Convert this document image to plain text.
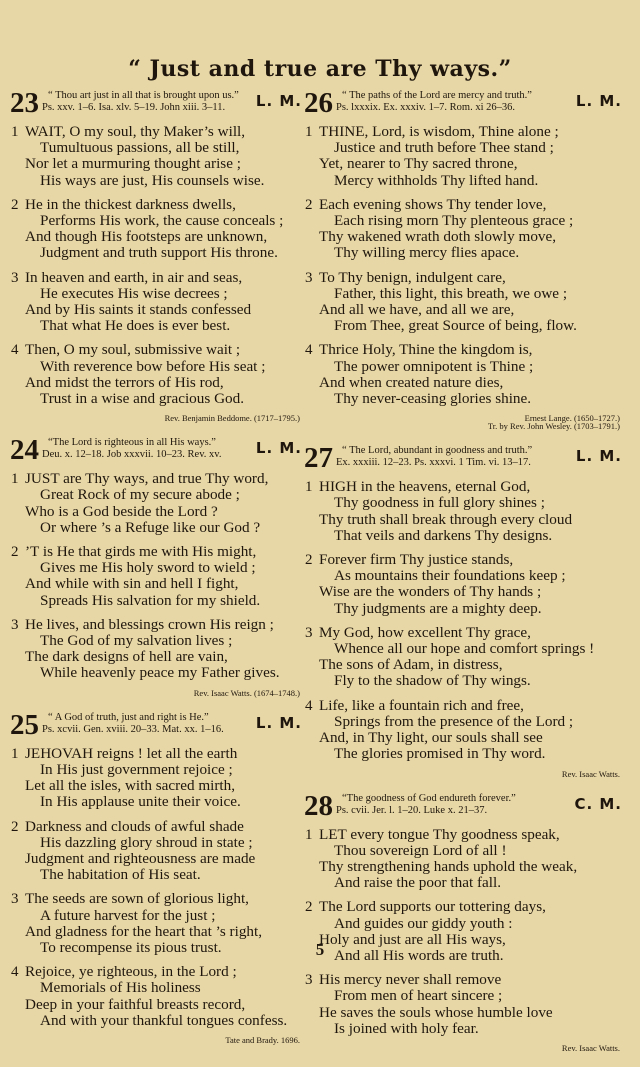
“ Just and true are Thy ways.”
23 “ Thou art just in all that is brought upon us.”
Ps. xxv. 1–6. Isa. xlv. 5–19. John xiii. 3–11. L. M.
1 WAIT, O my soul, thy Maker’s will,
Tumultuous passions, all be still,
Nor let a murmuring thought arise ;
His ways are just, His counsels wise.
2 He in the thickest darkness dwells,
Performs His work, the cause conceals ;
And though His footsteps are unknown,
Judgment and truth support His throne.
3 In heaven and earth, in air and seas,
He executes His wise decrees ;
And by His saints it stands confessed
That what He does is ever best.
4 Then, O my soul, submissive wait ;
With reverence bow before His seat ;
And midst the terrors of His rod,
Trust in a wise and gracious God.
Rev. Benjamin Beddome. (1717–1795.)
24 “The Lord is righteous in all His ways.”
Deu. x. 12–18. Job xxxvii. 10–23. Rev. xv. L. M.
1 JUST are Thy ways, and true Thy word,
Great Rock of my secure abode ;
Who is a God beside the Lord ?
Or where ’s a Refuge like our God ?
2 ’T is He that girds me with His might,
Gives me His holy sword to wield ;
And while with sin and hell I fight,
Spreads His salvation for my shield.
3 He lives, and blessings crown His reign ;
The God of my salvation lives ;
The dark designs of hell are vain,
While heavenly peace my Father gives.
Rev. Isaac Watts. (1674–1748.)
25 “ A God of truth, just and right is He.”
Ps. xcvii. Gen. xviii. 20–33. Mat. xx. 1–16. L. M.
1 JEHOVAH reigns ! let all the earth
In His just government rejoice ;
Let all the isles, with sacred mirth,
In His applause unite their voice.
2 Darkness and clouds of awful shade
His dazzling glory shroud in state ;
Judgment and righteousness are made
The habitation of His seat.
3 The seeds are sown of glorious light,
A future harvest for the just ;
And gladness for the heart that ’s right,
To recompense its pious trust.
4 Rejoice, ye righteous, in the Lord ;
Memorials of His holiness
Deep in your faithful breasts record,
And with your thankful tongues confess.
Tate and Brady. 1696.
26 “ The paths of the Lord are mercy and truth.”
Ps. lxxxix. Ex. xxxiv. 1–7. Rom. xi 26–36.	L. M.
1 THINE, Lord, is wisdom, Thine alone ;
Justice and truth before Thee stand ;
Yet, nearer to Thy sacred throne,
Mercy withholds Thy lifted hand.
2 Each evening shows Thy tender love,
Each rising morn Thy plenteous grace ;
Thy wakened wrath doth slowly move,
Thy willing mercy flies apace.
3 To Thy benign, indulgent care,
Father, this light, this breath, we owe ;
And all we have, and all we are,
From Thee, great Source of being, flow.
4 Thrice Holy, Thine the kingdom is,
The power omnipotent is Thine ;
And when created nature dies,
Thy never-ceasing glories shine.
Ernest Lange. (1650–1727.)
Tr. by Rev. John Wesley. (1703–1791.)
27 “ The Lord, abundant in goodness and truth.”
Ex. xxxiii. 12–23. Ps. xxxvi. 1 Tim. vi. 13–17.	L. M.
1 HIGH in the heavens, eternal God,
Thy goodness in full glory shines ;
Thy truth shall break through every cloud
That veils and darkens Thy designs.
2 Forever firm Thy justice stands,
As mountains their foundations keep ;
Wise are the wonders of Thy hands ;
Thy judgments are a mighty deep.
3 My God, how excellent Thy grace,
Whence all our hope and comfort springs !
The sons of Adam, in distress,
Fly to the shadow of Thy wings.
4 Life, like a fountain rich and free,
Springs from the presence of the Lord ;
And, in Thy light, our souls shall see
The glories promised in Thy word.
Rev. Isaac Watts.
28 “The goodness of God endureth forever.”
Ps. cvii. Jer. l. 1–20. Luke x. 21–37.	C. M.
1 LET every tongue Thy goodness speak,
Thou sovereign Lord of all !
Thy strengthening hands uphold the weak,
And raise the poor that fall.
2 The Lord supports our tottering days,
And guides our giddy youth :
Holy and just are all His ways,
And all His words are truth.
3 His mercy never shall remove
From men of heart sincere ;
He saves the souls whose humble love
Is joined with holy fear.
Rev. Isaac Watts.
5
